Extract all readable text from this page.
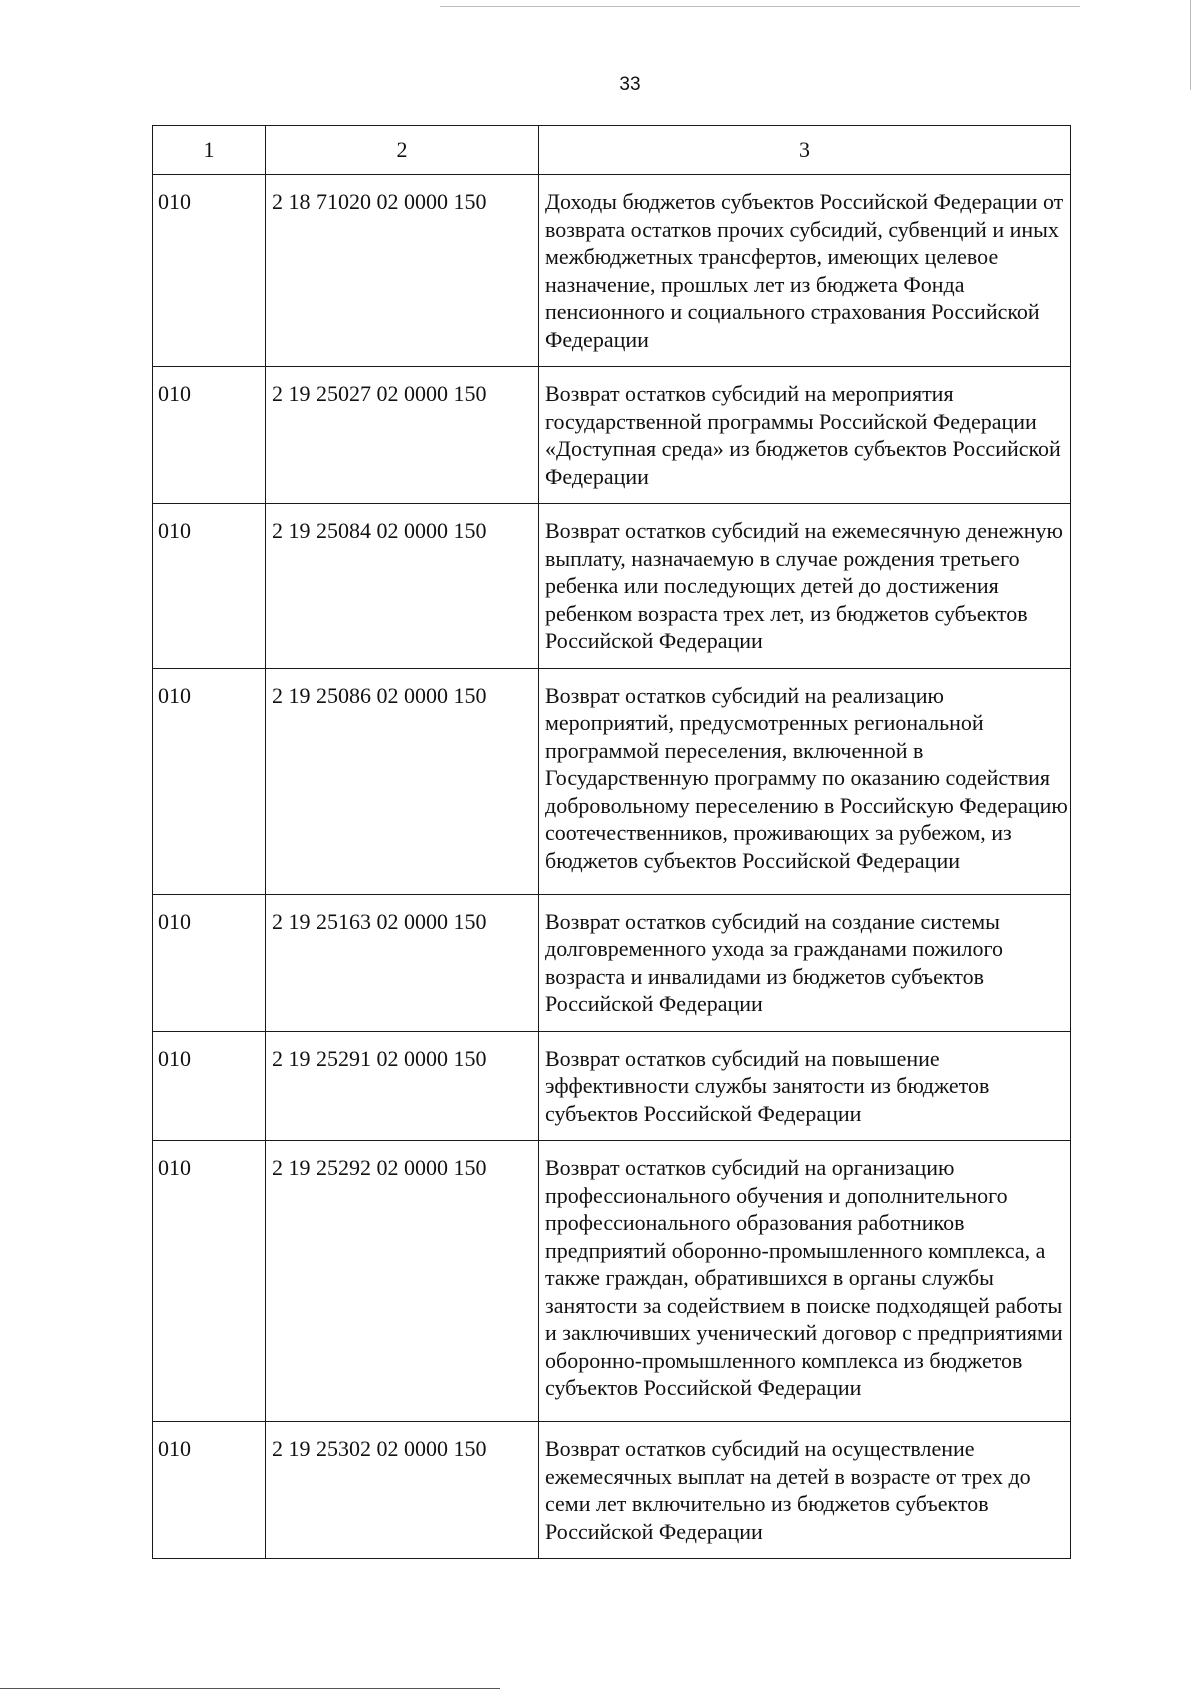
33
1	2	3
010	2 18 71020 02 0000 150	Доходы бюджетов субъектов Российской Федерации от возврата остатков прочих субсидий, субвенций и иных межбюджетных трансфертов, имеющих целевое назначение, прошлых лет из бюджета Фонда пенсионного и социального страхования Российской Федерации
010	2 19 25027 02 0000 150	Возврат остатков субсидий на мероприятия государственной программы Российской Федерации «Доступная среда» из бюджетов субъектов Российской Федерации
010	2 19 25084 02 0000 150	Возврат остатков субсидий на ежемесячную денежную выплату, назначаемую в случае рождения третьего ребенка или последующих детей до достижения ребенком возраста трех лет, из бюджетов субъектов Российской Федерации
010	2 19 25086 02 0000 150	Возврат остатков субсидий на реализацию мероприятий, предусмотренных региональной программой переселения, включенной в Государственную программу по оказанию содействия добровольному переселению в Российскую Федерацию соотечественников, проживающих за рубежом, из бюджетов субъектов Российской Федерации
010	2 19 25163 02 0000 150	Возврат остатков субсидий на создание системы долговременного ухода за гражданами пожилого возраста и инвалидами из бюджетов субъектов Российской Федерации
010	2 19 25291 02 0000 150	Возврат остатков субсидий на повышение эффективности службы занятости из бюджетов субъектов Российской Федерации
010	2 19 25292 02 0000 150	Возврат остатков субсидий на организацию профессионального обучения и дополнительного профессионального образования работников предприятий оборонно-промышленного комплекса, а также граждан, обратившихся в органы службы занятости за содействием в поиске подходящей работы и заключивших ученический договор с предприятиями оборонно-промышленного комплекса из бюджетов субъектов Российской Федерации
010	2 19 25302 02 0000 150	Возврат остатков субсидий на осуществление ежемесячных выплат на детей в возрасте от трех до семи лет включительно из бюджетов субъектов Российской Федерации
